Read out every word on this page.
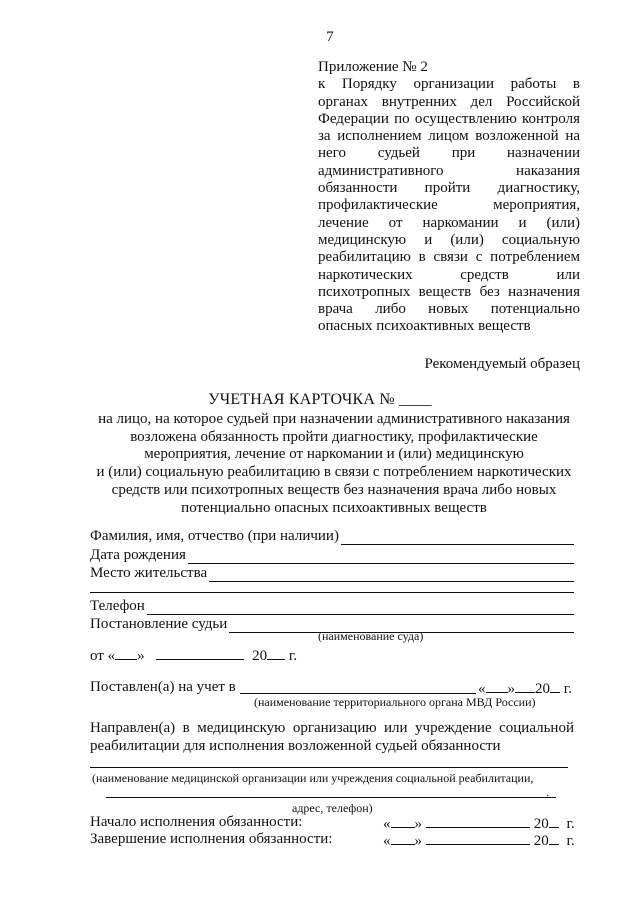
7
Приложение № 2
к Порядку организации работы в органах внутренних дел Российской Федерации по осуществлению контроля за исполнением лицом возложенной на него судьей при назначении административного наказания обязанности пройти диагностику, профилактические мероприятия, лечение от наркомании и (или) медицинскую и (или) социальную реабилитацию в связи с потреблением наркотических средств или психотропных веществ без назначения врача либо новых потенциально опасных психоактивных веществ
Рекомендуемый образец
УЧЕТНАЯ КАРТОЧКА № ____
на лицо, на которое судьей при назначении административного наказания
возложена обязанность пройти диагностику, профилактические
мероприятия, лечение от наркомании и (или) медицинскую
и (или) социальную реабилитацию в связи с потреблением наркотических
средств или психотропных веществ без назначения врача либо новых
потенциально опасных психоактивных веществ
Фамилия, имя, отчество (при наличии)
Дата рождения
Место жительства
Телефон
Постановление судьи
(наименование суда)
от « »	20 г.
Поставлен(а) на учет в	« » 20 г.
(наименование территориального органа МВД России)
Направлен(а) в медицинскую организацию или учреждение социальной реабилитации для исполнения возложенной судьей обязанности
(наименование медицинской организации или учреждения социальной реабилитации,
·
адрес, телефон)
Начало исполнения обязанности:	« »	20 г.
Завершение исполнения обязанности:	« »	20 г.
